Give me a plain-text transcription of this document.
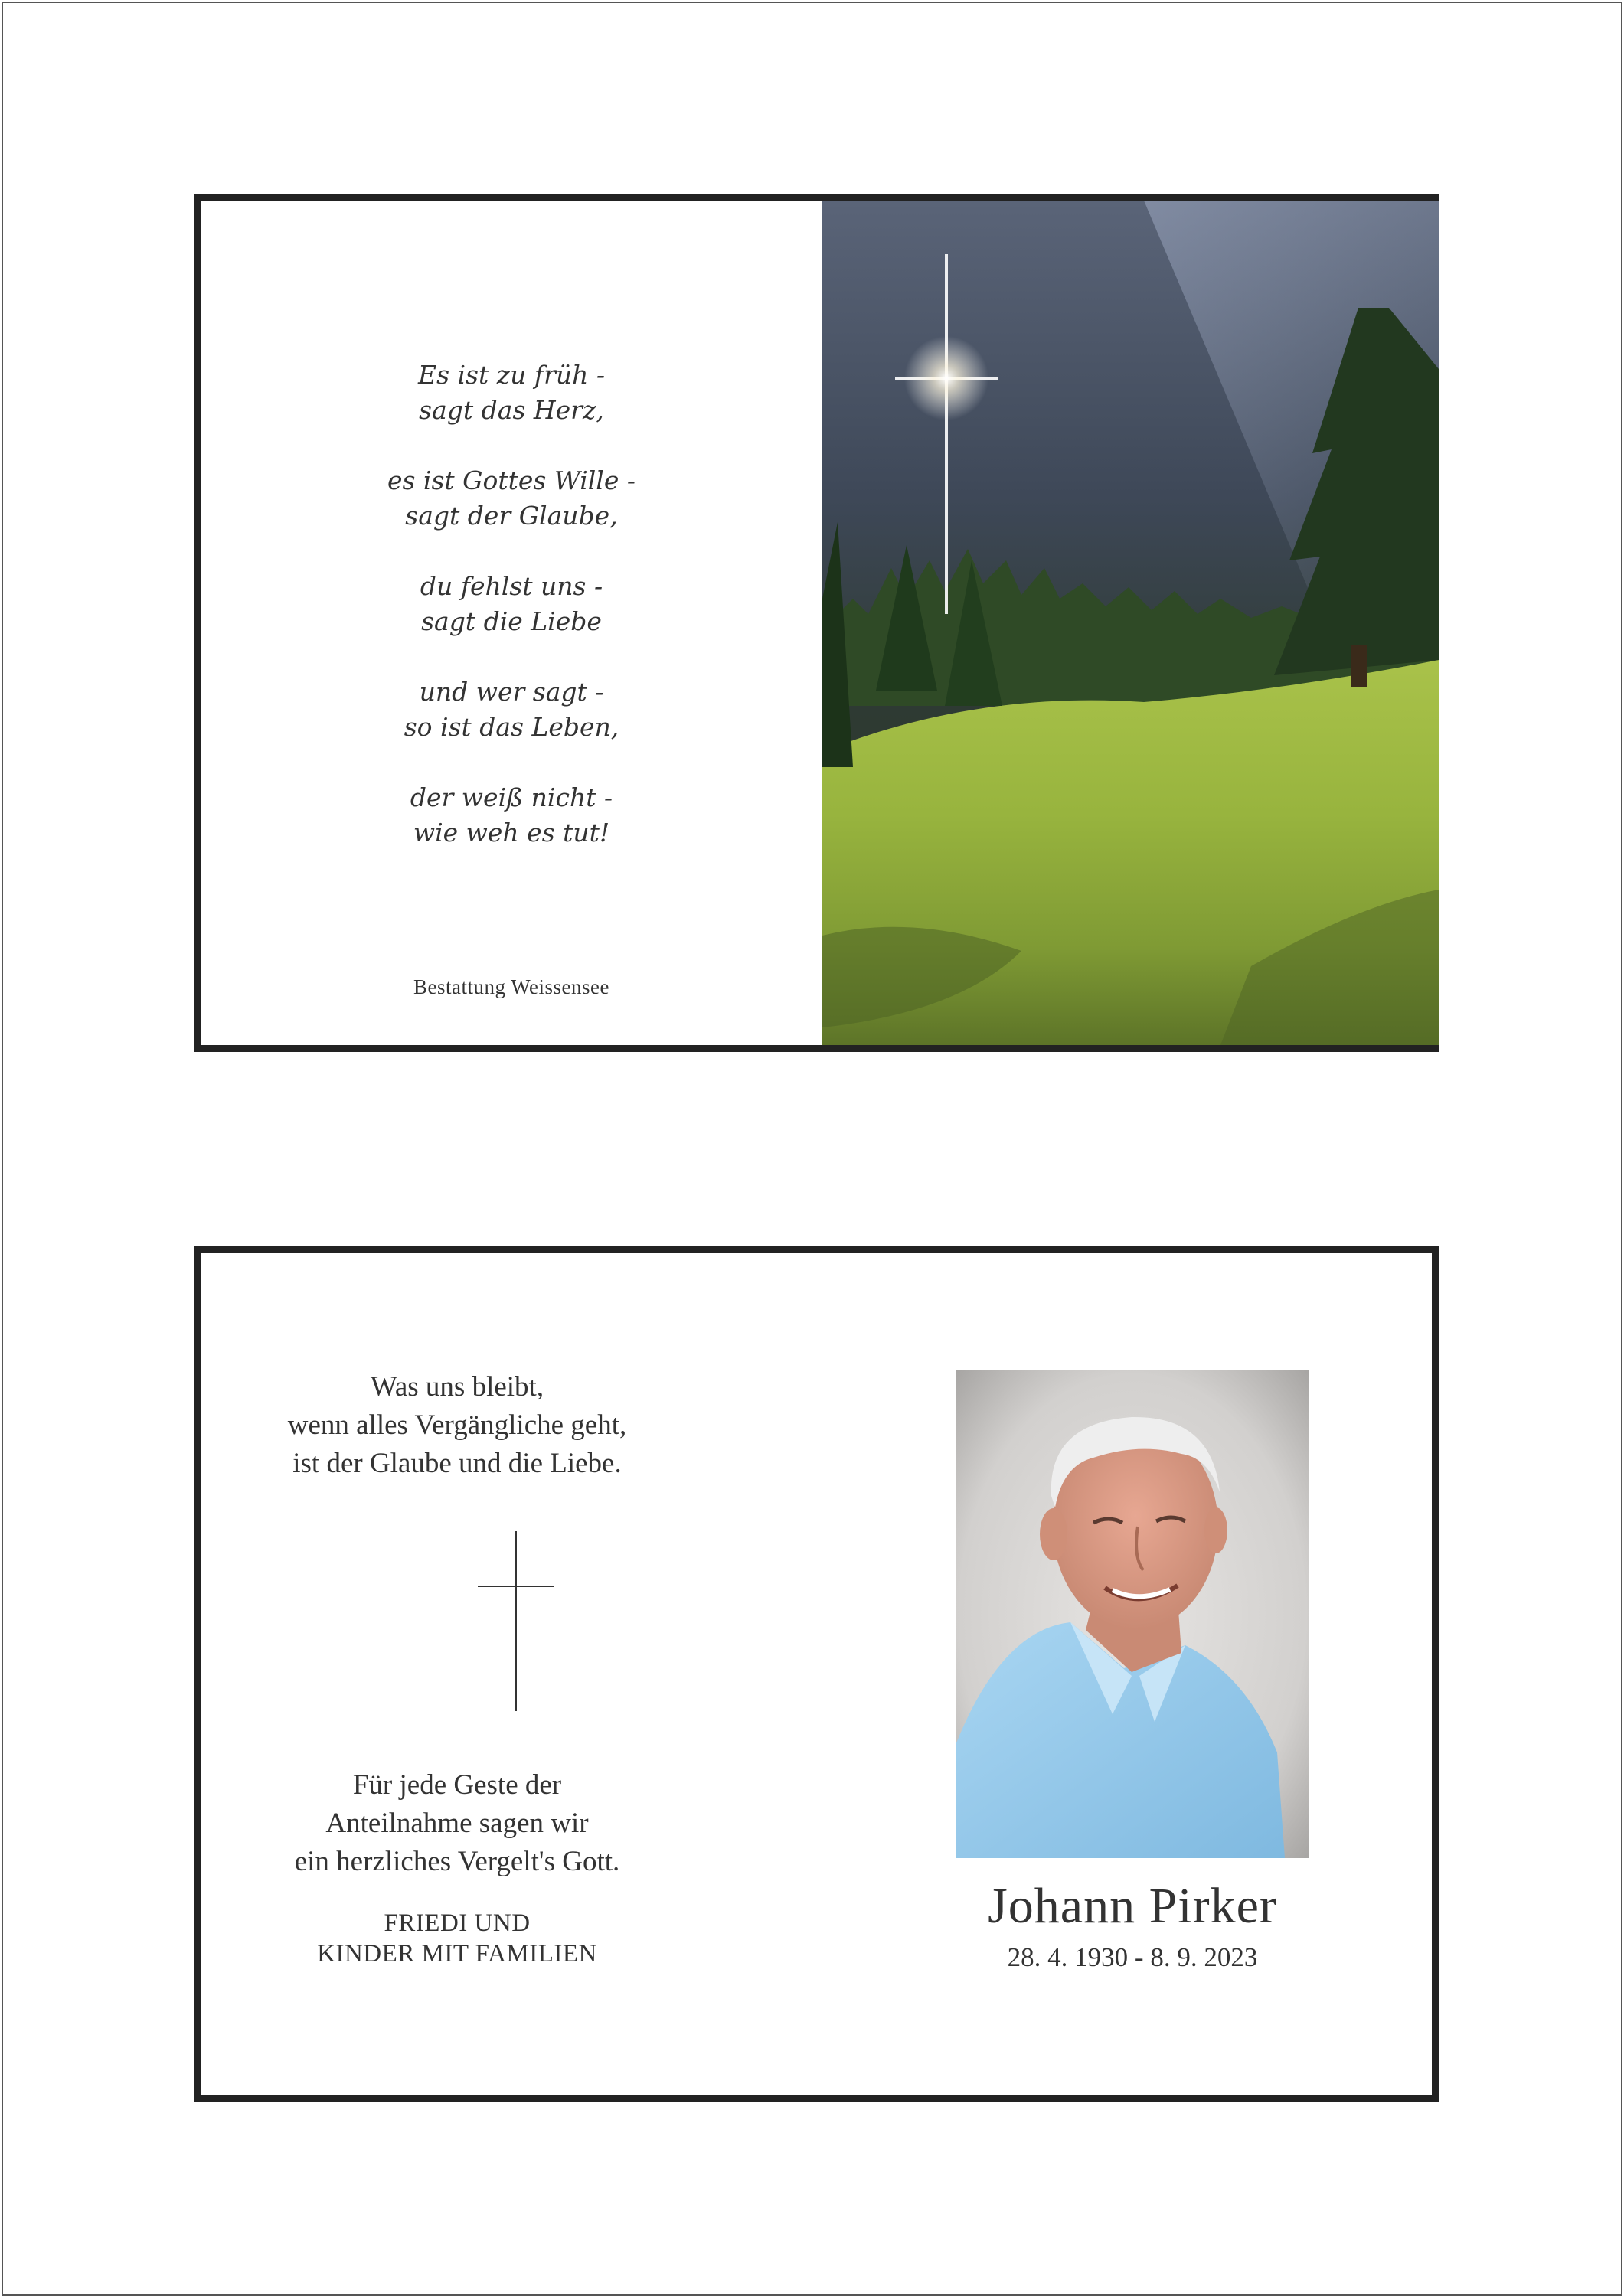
Es ist zu früh -
sagt das Herz,
es ist Gottes Wille -
sagt der Glaube,
du fehlst uns -
sagt die Liebe
und wer sagt -
so ist das Leben,
der weiß nicht -
wie weh es tut!
Bestattung Weissensee
Was uns bleibt,
wenn alles Vergängliche geht,
ist der Glaube und die Liebe.
Für jede Geste der
Anteilnahme sagen wir
ein herzliches Vergelt's Gott.
FRIEDI UND
KINDER MIT FAMILIEN
Johann Pirker
28. 4. 1930 - 8. 9. 2023
